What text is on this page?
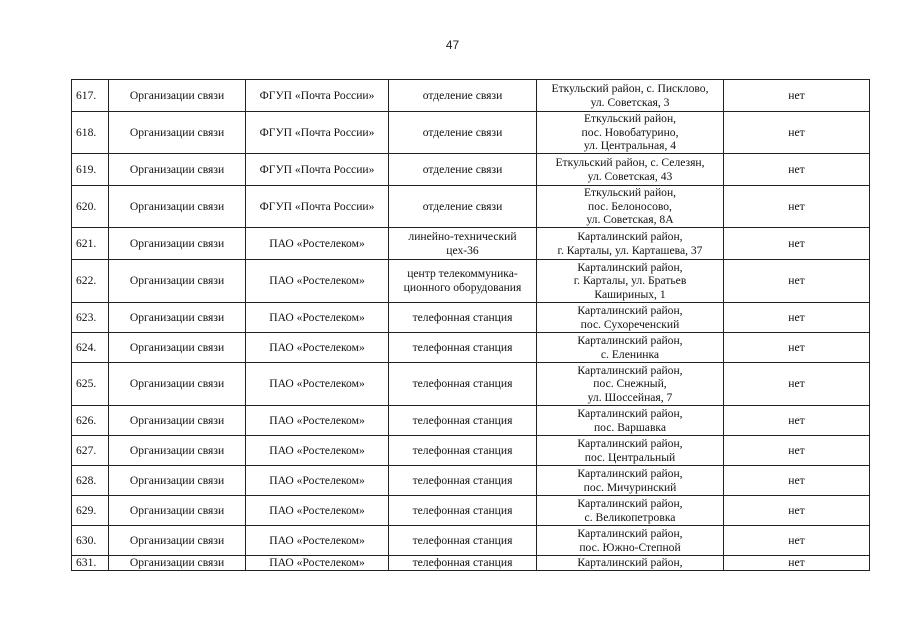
47
617.	Организации связи	ФГУП «Почта России»	отделение связи	Еткульский район, с. Писклово,
ул. Советская, 3	нет
618.	Организации связи	ФГУП «Почта России»	отделение связи	Еткульский район,
пос. Новобатурино,
ул. Центральная, 4	нет
619.	Организации связи	ФГУП «Почта России»	отделение связи	Еткульский район, с. Селезян,
ул. Советская, 43	нет
620.	Организации связи	ФГУП «Почта России»	отделение связи	Еткульский район,
пос. Белоносово,
ул. Советская, 8А	нет
621.	Организации связи	ПАО «Ростелеком»	линейно-технический
цех-36	Карталинский район,
г. Карталы, ул. Карташева, 37	нет
622.	Организации связи	ПАО «Ростелеком»	центр телекоммуника-
ционного оборудования	Карталинский район,
г. Карталы, ул. Братьев
Кашириных, 1	нет
623.	Организации связи	ПАО «Ростелеком»	телефонная станция	Карталинский район,
пос. Сухореченский	нет
624.	Организации связи	ПАО «Ростелеком»	телефонная станция	Карталинский район,
с. Еленинка	нет
625.	Организации связи	ПАО «Ростелеком»	телефонная станция	Карталинский район,
пос. Снежный,
ул. Шоссейная, 7	нет
626.	Организации связи	ПАО «Ростелеком»	телефонная станция	Карталинский район,
пос. Варшавка	нет
627.	Организации связи	ПАО «Ростелеком»	телефонная станция	Карталинский район,
пос. Центральный	нет
628.	Организации связи	ПАО «Ростелеком»	телефонная станция	Карталинский район,
пос. Мичуринский	нет
629.	Организации связи	ПАО «Ростелеком»	телефонная станция	Карталинский район,
с. Великопетровка	нет
630.	Организации связи	ПАО «Ростелеком»	телефонная станция	Карталинский район,
пос. Южно-Степной	нет
631.	Организации связи	ПАО «Ростелеком»	телефонная станция	Карталинский район,	нет
